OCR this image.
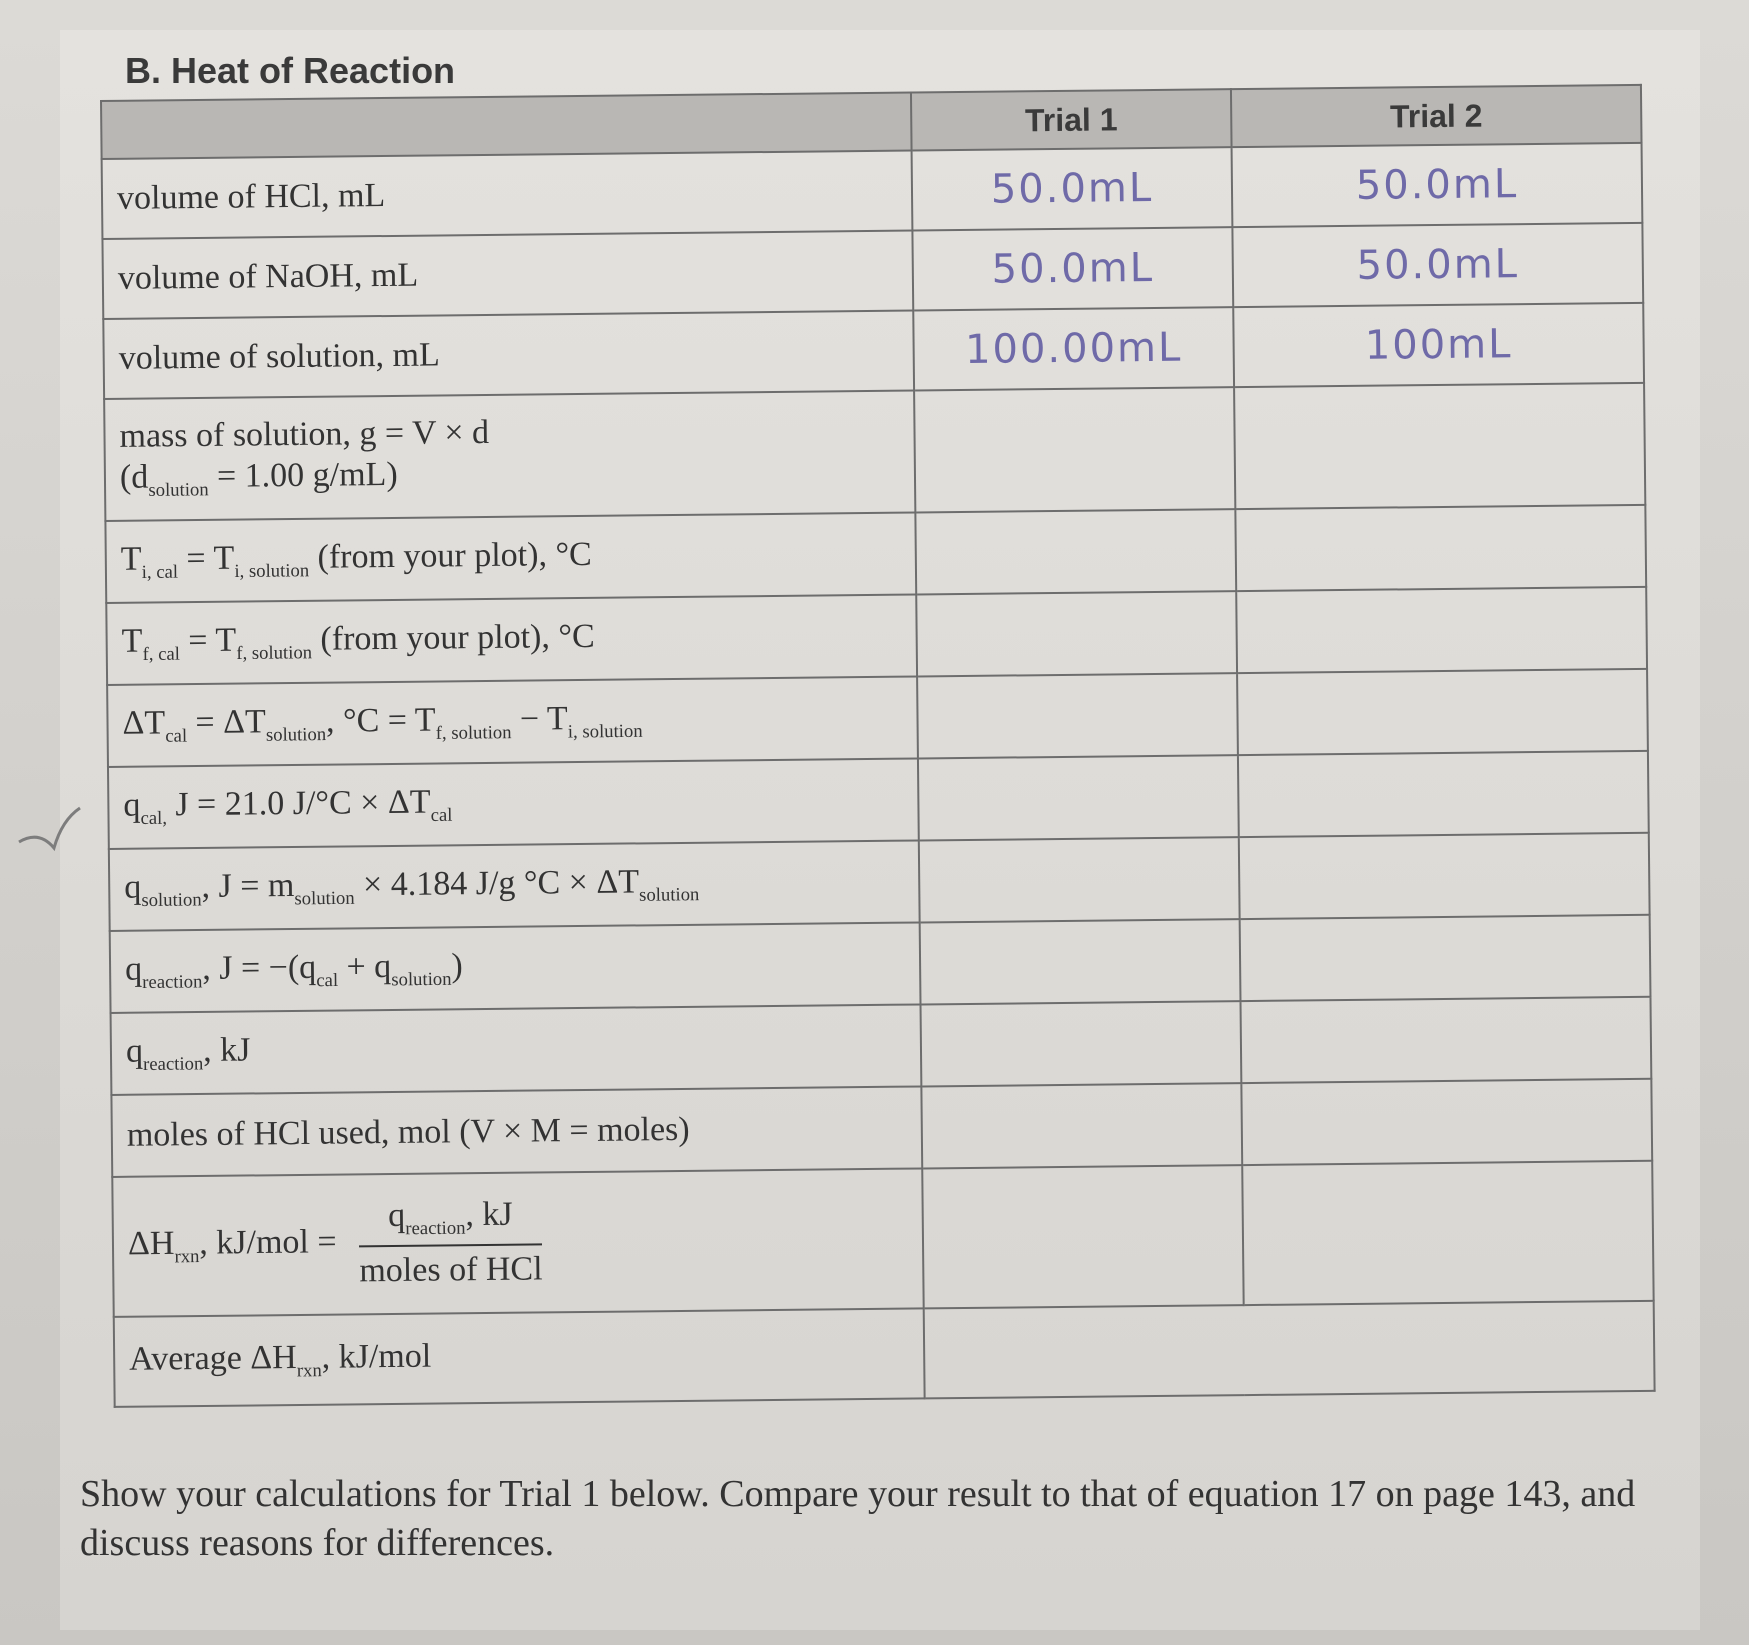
B. Heat of Reaction
	Trial 1	Trial 2
volume of HCl, mL	50.0mL	50.0mL
volume of NaOH, mL	50.0mL	50.0mL
volume of solution, mL	100.00mL	100mL
mass of solution, g = V × d
($d_{solution} = 1.00$ g/mL)		
$T_{i, cal} = T_{i, solution}$ (from your plot), °C		
$T_{f, cal} = T_{f, solution}$ (from your plot), °C		
$\Delta T_{cal} = \Delta T_{solution}$, $^\circ C = T_{f, solution} - T_{i, solution}$		
$q_{cal,}$ J = 21.0 $J/^\circ C \times \Delta T_{cal}$		
$q_{solution}$, $J = m_{solution} \times 4.184$ J/g $^\circ C \times \Delta T_{solution}$		
$q_{reaction}$, $J = -(q_{cal} + q_{solution})$		
$q_{reaction}$, kJ		
moles of HCl used, mol (V × M = moles)		
$\Delta H_{rxn}$, $kJ/mol = \frac{q_{reaction}, kJ}{\text{moles of HCl}}$

Average $\Delta H_{rxn}$, kJ/mol		
Show your calculations for Trial 1 below. Compare your result to that of equation 17 on page 143, and discuss reasons for differences.
